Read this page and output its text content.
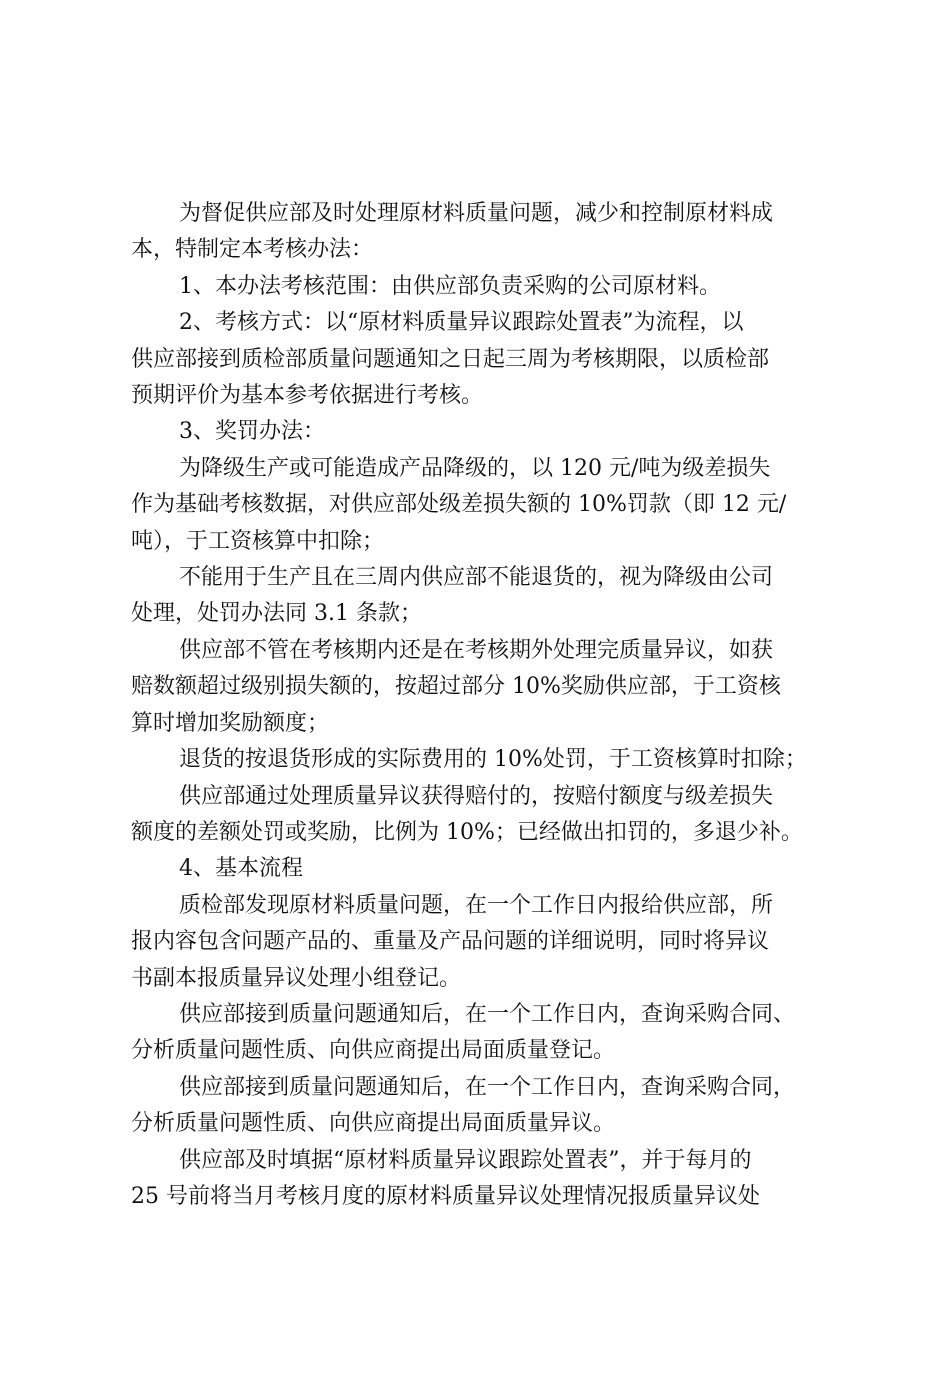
为督促供应部及时处理原材料质量问题，减少和控制原材料成
本，特制定本考核办法：

1、本办法考核范围：由供应部负责采购的公司原材料。

2、考核方式：以“原材料质量异议跟踪处置表”为流程，以
供应部接到质检部质量问题通知之日起三周为考核期限，以质检部
预期评价为基本参考依据进行考核。

3、奖罚办法：

为降级生产或可能造成产品降级的，以 120 元/吨为级差损失
作为基础考核数据，对供应部处级差损失额的 10%罚款（即 12 元/
吨），于工资核算中扣除；

不能用于生产且在三周内供应部不能退货的，视为降级由公司
处理，处罚办法同 3.1 条款；

供应部不管在考核期内还是在考核期外处理完质量异议，如获
赔数额超过级别损失额的，按超过部分 10%奖励供应部，于工资核
算时增加奖励额度；

退货的按退货形成的实际费用的 10%处罚，于工资核算时扣除；

供应部通过处理质量异议获得赔付的，按赔付额度与级差损失
额度的差额处罚或奖励，比例为 10%；已经做出扣罚的，多退少补。

4、基本流程

质检部发现原材料质量问题，在一个工作日内报给供应部，所
报内容包含问题产品的、重量及产品问题的详细说明，同时将异议
书副本报质量异议处理小组登记。

供应部接到质量问题通知后，在一个工作日内，查询采购合同、
分析质量问题性质、向供应商提出局面质量登记。

供应部接到质量问题通知后，在一个工作日内，查询采购合同，
分析质量问题性质、向供应商提出局面质量异议。

供应部及时填据“原材料质量异议跟踪处置表”，并于每月的
25 号前将当月考核月度的原材料质量异议处理情况报质量异议处
